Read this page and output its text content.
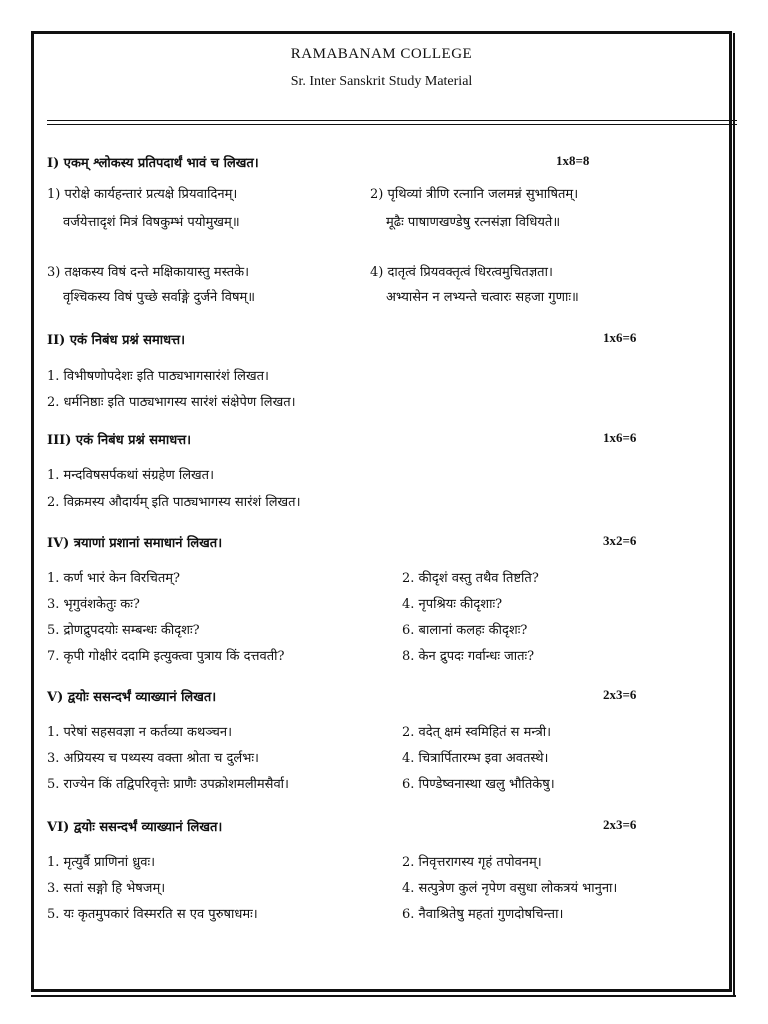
RAMABANAM COLLEGE
Sr. Inter Sanskrit Study Material
I) एकम् श्लोकस्य प्रतिपदार्थं भावं च लिखत।	1x8=8
1) परोक्षे कार्यहन्तारं प्रत्यक्षे प्रियवादिनम्।	2) पृथिव्यां त्रीणि रत्नानि जलमन्नं सुभाषितम्।
वर्जयेत्तादृशं मित्रं विषकुम्भं पयोमुखम्॥	मूढैः पाषाणखण्डेषु रत्नसंज्ञा विधियते॥
3) तक्षकस्य विषं दन्ते मक्षिकायास्तु मस्तके।	4) दातृत्वं प्रियवक्तृत्वं धिरत्वमुचितज्ञता।
वृश्चिकस्य विषं पुच्छे सर्वाङ्गे दुर्जने विषम्॥	अभ्यासेन न लभ्यन्ते चत्वारः सहजा गुणाः॥
II) एकं निबंध प्रश्नं समाधत्त।	1x6=6
1. विभीषणोपदेशः इति पाठ्यभागसारंशं लिखत।
2. धर्मनिष्ठाः इति पाठ्यभागस्य सारंशं संक्षेपेण लिखत।
III) एकं निबंध प्रश्नं समाधत्त।	1x6=6
1. मन्दविषसर्पकथां संग्रहेण लिखत।
2. विक्रमस्य औदार्यम् इति पाठ्यभागस्य सारंशं लिखत।
IV) त्रयाणां प्रशानां समाधानं लिखत।	3x2=6
1. कर्ण भारं केन विरचितम्?	2. कीदृशं वस्तु तथैव तिष्टति?
3. भृगुवंशकेतुः कः?	4. नृपश्रियः कीदृशाः?
5. द्रोणद्रुपदयोः सम्बन्धः कीदृशः?	6. बालानां कलहः कीदृशः?
7. कृपी गोक्षीरं ददामि इत्युक्त्वा पुत्राय किं दत्तवती?	8. केन द्रुपदः गर्वान्धः जातः?
V) द्वयोः ससन्दर्भं व्याख्यानं लिखत।	2x3=6
1. परेषां सहसवज्ञा न कर्तव्या कथञ्चन।	2. वदेत् क्षमं स्वमिहितं स मन्त्री।
3. अप्रियस्य च पथ्यस्य वक्ता श्रोता च दुर्लभः।	4. चित्रार्पितारम्भ इवा अवतस्थे।
5. राज्येन किं तद्विपरिवृत्तेः प्राणैः उपक्रोशमलीमसैर्वा।	6. पिण्डेष्वनास्था खलु भौतिकेषु।
VI) द्वयोः ससन्दर्भं व्याख्यानं लिखत।	2x3=6
1. मृत्युर्वै प्राणिनां ध्रुवः।	2. निवृत्तरागस्य गृहं तपोवनम्।
3. सतां सङ्गो हि भेषजम्।	4. सत्पुत्रेण कुलं नृपेण वसुधा लोकत्रयं भानुना।
5. यः कृतमुपकारं विस्मरति स एव पुरुषाधमः।	6. नैवाश्रितेषु महतां गुणदोषचिन्ता।
